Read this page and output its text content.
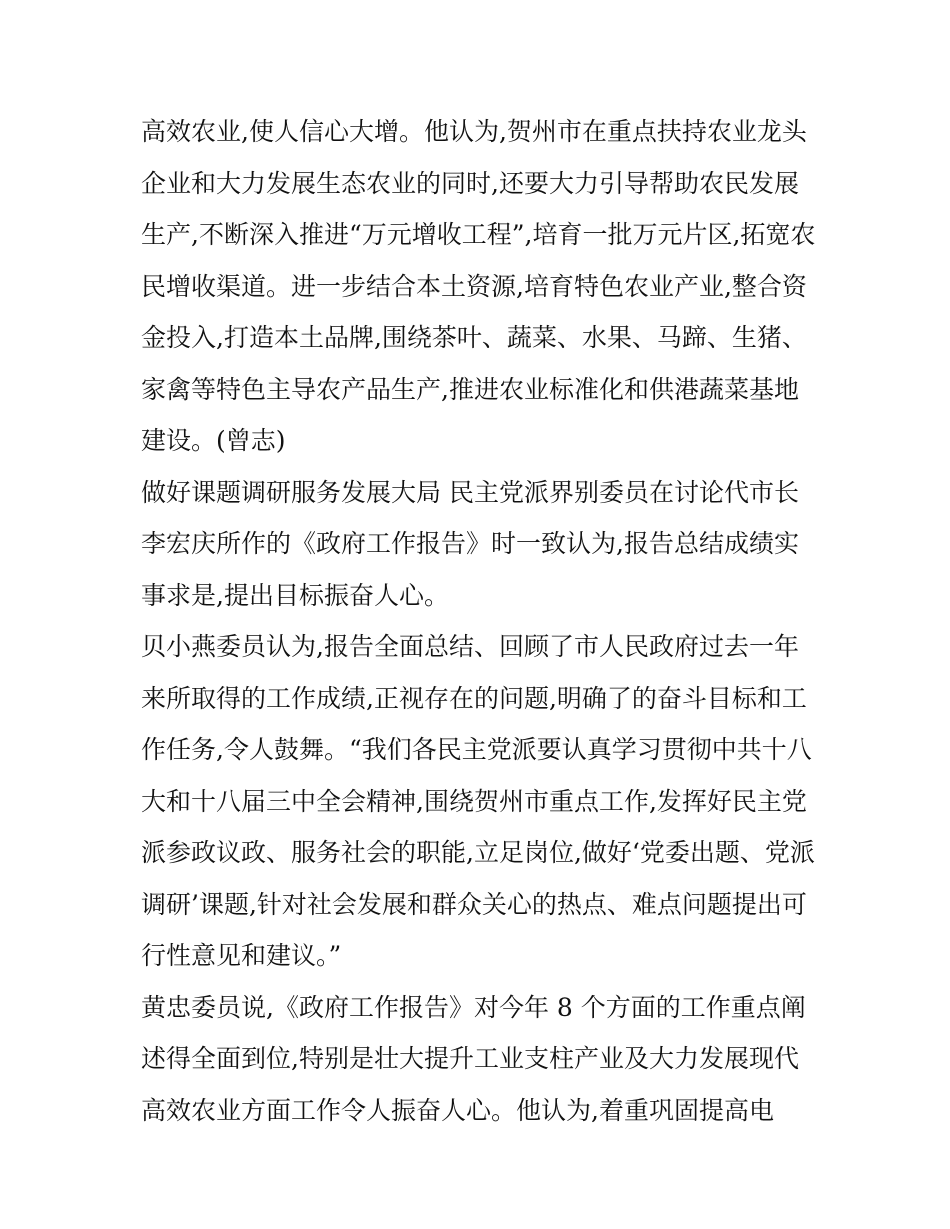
高效农业,使人信心大增。他认为,贺州市在重点扶持农业龙头
企业和大力发展生态农业的同时,还要大力引导帮助农民发展
生产,不断深入推进“万元增收工程”,培育一批万元片区,拓宽农
民增收渠道。进一步结合本土资源,培育特色农业产业,整合资
金投入,打造本土品牌,围绕茶叶、蔬菜、水果、马蹄、生猪、
家禽等特色主导农产品生产,推进农业标准化和供港蔬菜基地
建设。(曾志)
做好课题调研服务发展大局 民主党派界别委员在讨论代市长
李宏庆所作的《政府工作报告》时一致认为,报告总结成绩实
事求是,提出目标振奋人心。
贝小燕委员认为,报告全面总结、回顾了市人民政府过去一年
来所取得的工作成绩,正视存在的问题,明确了的奋斗目标和工
作任务,令人鼓舞。“我们各民主党派要认真学习贯彻中共十八
大和十八届三中全会精神,围绕贺州市重点工作,发挥好民主党
派参政议政、服务社会的职能,立足岗位,做好‘党委出题、党派
调研’课题,针对社会发展和群众关心的热点、难点问题提出可
行性意见和建议。”
黄忠委员说,《政府工作报告》对今年 8 个方面的工作重点阐
述得全面到位,特别是壮大提升工业支柱产业及大力发展现代
高效农业方面工作令人振奋人心。他认为,着重巩固提高电
